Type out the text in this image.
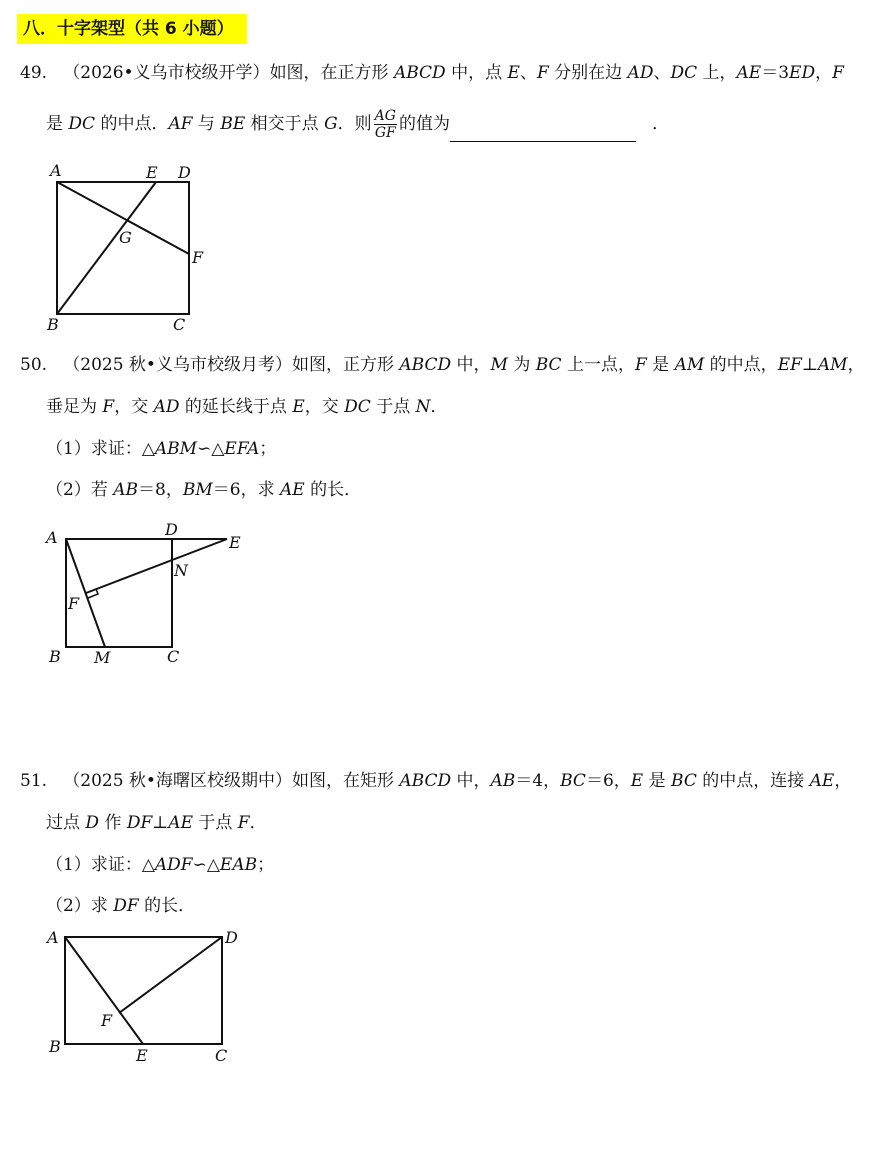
八．十字架型（共 6 小题）
49. （2026•义乌市校级开学）如图，在正方形 ABCD 中，点 E、F 分别在边 AD、DC 上，AE＝3ED，F
是 DC 的中点．AF 与 BE 相交于点 G．则 $\frac{AG}{GF}$ 的值为	．
A	E D
G
F
B	C
A	D
E
N
F
B M	C
A	D
F
B	E	C
50. （2025 秋•义乌市校级月考）如图，正方形 ABCD 中，M 为 BC 上一点，F 是 AM 的中点，EF⊥AM，
垂足为 F，交 AD 的延长线于点 E，交 DC 于点 N．
（1）求证：△ABM∽△EFA；
（2）若 AB＝8，BM＝6，求 AE 的长．
51. （2025 秋•海曙区校级期中）如图，在矩形 ABCD 中，AB＝4，BC＝6，E 是 BC 的中点，连接 AE，
过点 D 作 DF⊥AE 于点 F．
（1）求证：△ADF∽△EAB；
（2）求 DF 的长．
